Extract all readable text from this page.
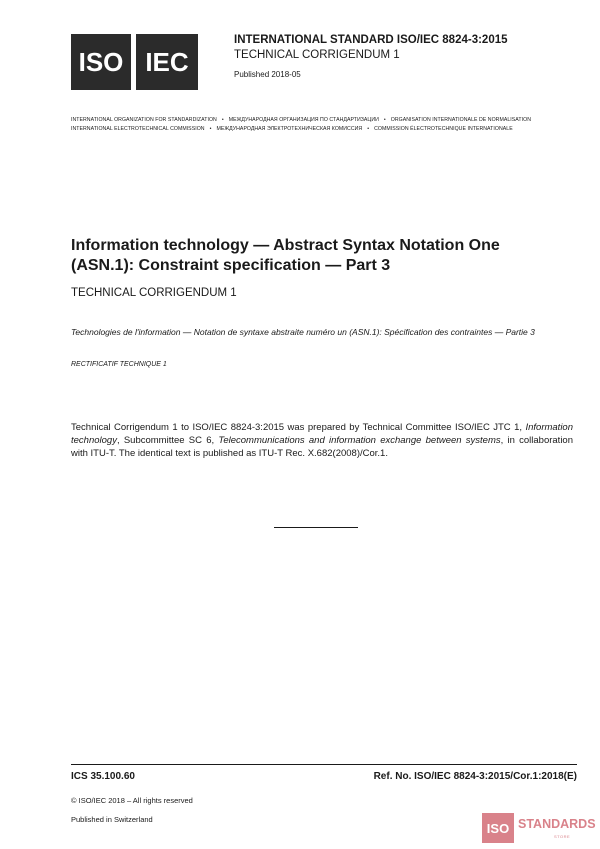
ISO IEC
INTERNATIONAL STANDARD ISO/IEC 8824-3:2015
TECHNICAL CORRIGENDUM 1
Published 2018-05
INTERNATIONAL ORGANIZATION FOR STANDARDIZATION • МЕЖДУНАРОДНАЯ ОРГАНИЗАЦИЯ ПО СТАНДАРТИЗАЦИИ • ORGANISATION INTERNATIONALE DE NORMALISATION
INTERNATIONAL ELECTROTECHNICAL COMMISSION • МЕЖДУНАРОДНАЯ ЭЛЕКТРОТЕХНИЧЕСКАЯ КОМИССИЯ • COMMISSION ÉLECTROTECHNIQUE INTERNATIONALE
Information technology — Abstract Syntax Notation One (ASN.1): Constraint specification — Part 3
TECHNICAL CORRIGENDUM 1
Technologies de l'information — Notation de syntaxe abstraite numéro un (ASN.1): Spécification des contraintes — Partie 3
RECTIFICATIF TECHNIQUE 1
Technical Corrigendum 1 to ISO/IEC 8824-3:2015 was prepared by Technical Committee ISO/IEC JTC 1, Information technology, Subcommittee SC 6, Telecommunications and information exchange between systems, in collaboration with ITU-T. The identical text is published as ITU-T Rec. X.682(2008)/Cor.1.
ICS 35.100.60	Ref. No. ISO/IEC 8824-3:2015/Cor.1:2018(E)
© ISO/IEC 2018 – All rights reserved
Published in Switzerland
ISO STANDARDS
STORE
